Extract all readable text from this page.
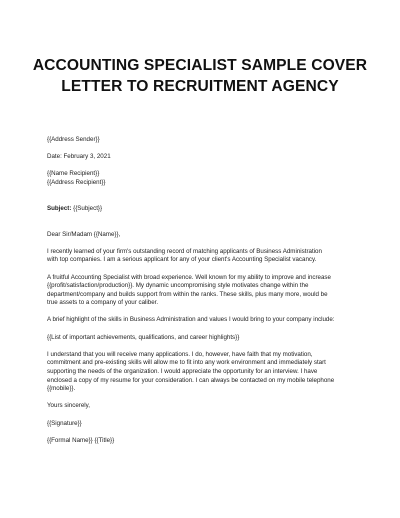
ACCOUNTING SPECIALIST SAMPLE COVER
LETTER TO RECRUITMENT AGENCY

{{Address Sender}}

Date: February 3, 2021

{{Name Recipient}}

{{Address Recipient}}

Subject: {{Subject}}

Dear Sir/Madam {{Name}},

I recently learned of your firm's outstanding record of matching applicants of Business Administration

with top companies. I am a serious applicant for any of your client's Accounting Specialist vacancy.

A fruitful Accounting Specialist with broad experience. Well known for my ability to improve and increase

{{profit/satisfaction/production}}. My dynamic uncompromising style motivates change within the

department/company and builds support from within the ranks. These skills, plus many more, would be

true assets to a company of your caliber.

A brief highlight of the skills in Business Administration and values I would bring to your company include:

{{List of important achievements, qualifications, and career highlights}}

I understand that you will receive many applications. I do, however, have faith that my motivation,

commitment and pre-existing skills will allow me to fit into any work environment and immediately start

supporting the needs of the organization. I would appreciate the opportunity for an interview. I have

enclosed a copy of my resume for your consideration. I can always be contacted on my mobile telephone

{{mobile}}.

Yours sincerely,

{{Signature}}

{{Formal Name}} {{Title}}
